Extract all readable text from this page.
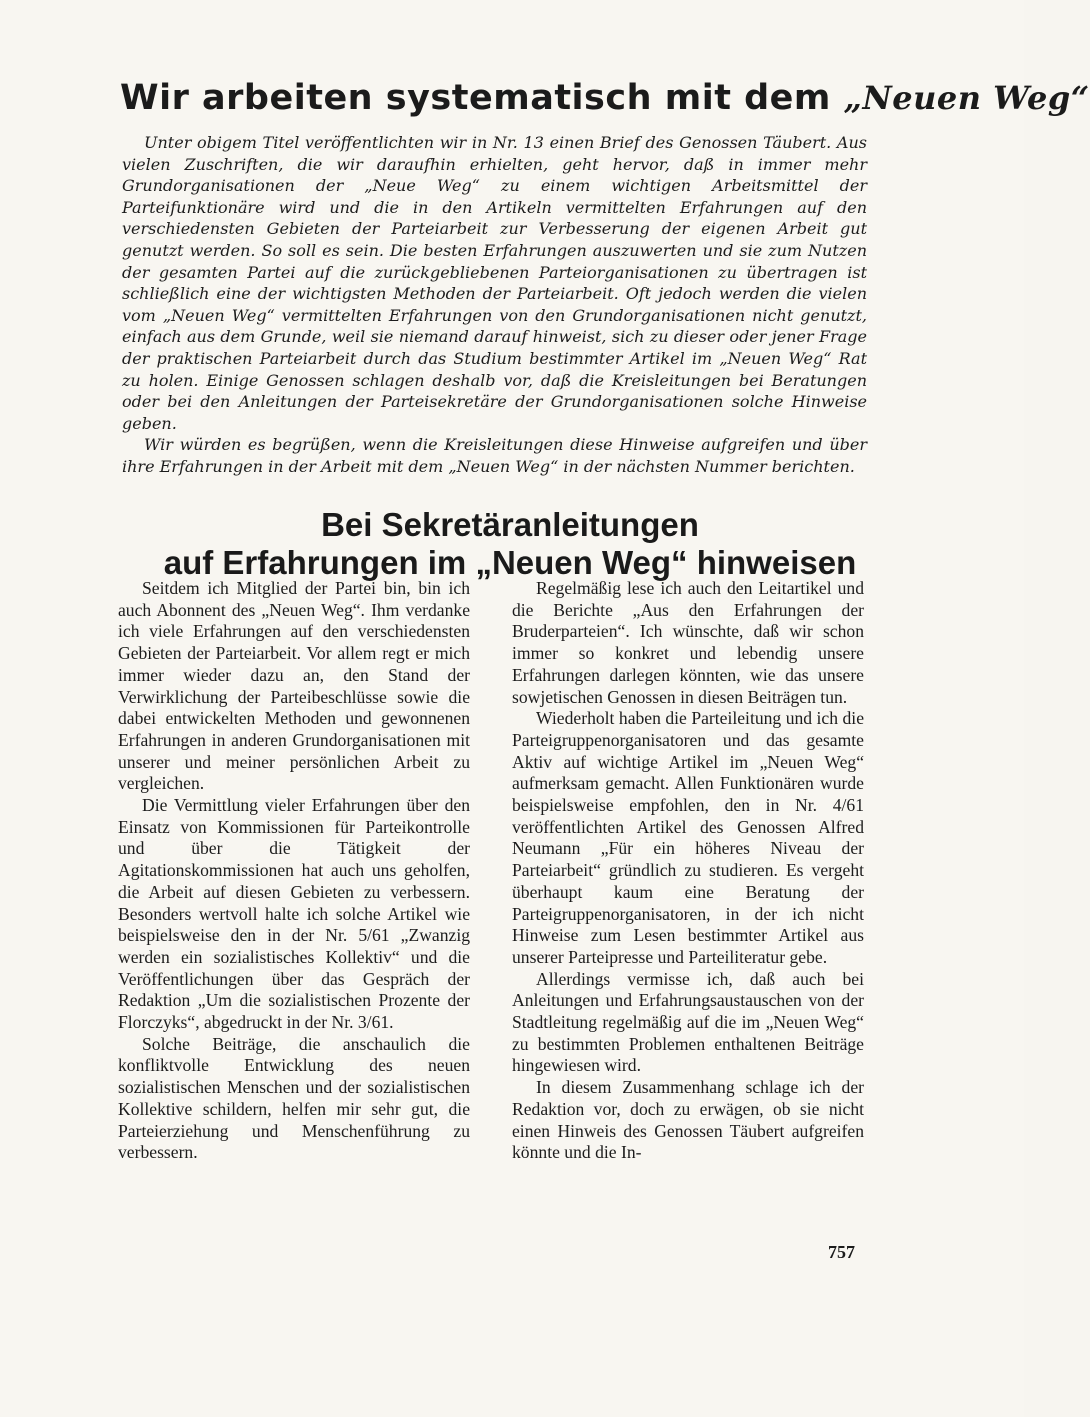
Wir arbeiten systematisch mit dem „Neuen Weg“

Unter obigem Titel veröffentlichten wir in Nr. 13 einen Brief des Genossen Täubert. Aus vielen Zuschriften, die wir daraufhin erhielten, geht hervor, daß in immer mehr Grundorganisationen der „Neue Weg“ zu einem wichtigen Arbeitsmittel der Parteifunktionäre wird und die in den Artikeln vermittelten Erfahrungen auf den verschiedensten Gebieten der Parteiarbeit zur Verbesserung der eigenen Arbeit gut genutzt werden. So soll es sein. Die besten Erfahrungen auszuwerten und sie zum Nutzen der gesamten Partei auf die zurückgebliebenen Parteiorganisationen zu übertragen ist schließlich eine der wichtigsten Methoden der Parteiarbeit. Oft jedoch werden die vielen vom „Neuen Weg“ vermittelten Erfahrungen von den Grundorganisationen nicht genutzt, einfach aus dem Grunde, weil sie niemand darauf hinweist, sich zu dieser oder jener Frage der praktischen Parteiarbeit durch das Studium bestimmter Artikel im „Neuen Weg“ Rat zu holen. Einige Genossen schlagen deshalb vor, daß die Kreisleitungen bei Beratungen oder bei den Anleitungen der Parteisekretäre der Grundorganisationen solche Hinweise geben.

Wir würden es begrüßen, wenn die Kreisleitungen diese Hinweise aufgreifen und über ihre Erfahrungen in der Arbeit mit dem „Neuen Weg“ in der nächsten Nummer berichten.

Bei Sekretäranleitungen
auf Erfahrungen im „Neuen Weg“ hinweisen

Seitdem ich Mitglied der Partei bin, bin ich auch Abonnent des „Neuen Weg“. Ihm verdanke ich viele Erfahrungen auf den verschiedensten Gebieten der Parteiarbeit. Vor allem regt er mich immer wieder dazu an, den Stand der Verwirklichung der Parteibeschlüsse sowie die dabei entwickelten Methoden und gewonnenen Erfahrungen in anderen Grundorganisationen mit unserer und meiner persönlichen Arbeit zu vergleichen.

Die Vermittlung vieler Erfahrungen über den Einsatz von Kommissionen für Parteikontrolle und über die Tätigkeit der Agitationskommissionen hat auch uns geholfen, die Arbeit auf diesen Gebieten zu verbessern. Besonders wertvoll halte ich solche Artikel wie beispielsweise den in der Nr. 5/61 „Zwanzig werden ein sozialistisches Kollektiv“ und die Veröffentlichungen über das Gespräch der Redaktion „Um die sozialistischen Prozente der Florczyks“, abgedruckt in der Nr. 3/61.

Solche Beiträge, die anschaulich die konfliktvolle Entwicklung des neuen sozialistischen Menschen und der sozialistischen Kollektive schildern, helfen mir sehr gut, die Parteierziehung und Menschenführung zu verbessern.

Regelmäßig lese ich auch den Leitartikel und die Berichte „Aus den Erfahrungen der Bruderparteien“. Ich wünschte, daß wir schon immer so konkret und lebendig unsere Erfahrungen darlegen könnten, wie das unsere sowjetischen Genossen in diesen Beiträgen tun.

Wiederholt haben die Parteileitung und ich die Parteigruppenorganisatoren und das gesamte Aktiv auf wichtige Artikel im „Neuen Weg“ aufmerksam gemacht. Allen Funktionären wurde beispielsweise empfohlen, den in Nr. 4/61 veröffentlichten Artikel des Genossen Alfred Neumann „Für ein höheres Niveau der Parteiarbeit“ gründlich zu studieren. Es vergeht überhaupt kaum eine Beratung der Parteigruppenorganisatoren, in der ich nicht Hinweise zum Lesen bestimmter Artikel aus unserer Parteipresse und Parteiliteratur gebe.

Allerdings vermisse ich, daß auch bei Anleitungen und Erfahrungsaustauschen von der Stadtleitung regelmäßig auf die im „Neuen Weg“ zu bestimmten Problemen enthaltenen Beiträge hingewiesen wird.

In diesem Zusammenhang schlage ich der Redaktion vor, doch zu erwägen, ob sie nicht einen Hinweis des Genossen Täubert aufgreifen könnte und die In-

757
